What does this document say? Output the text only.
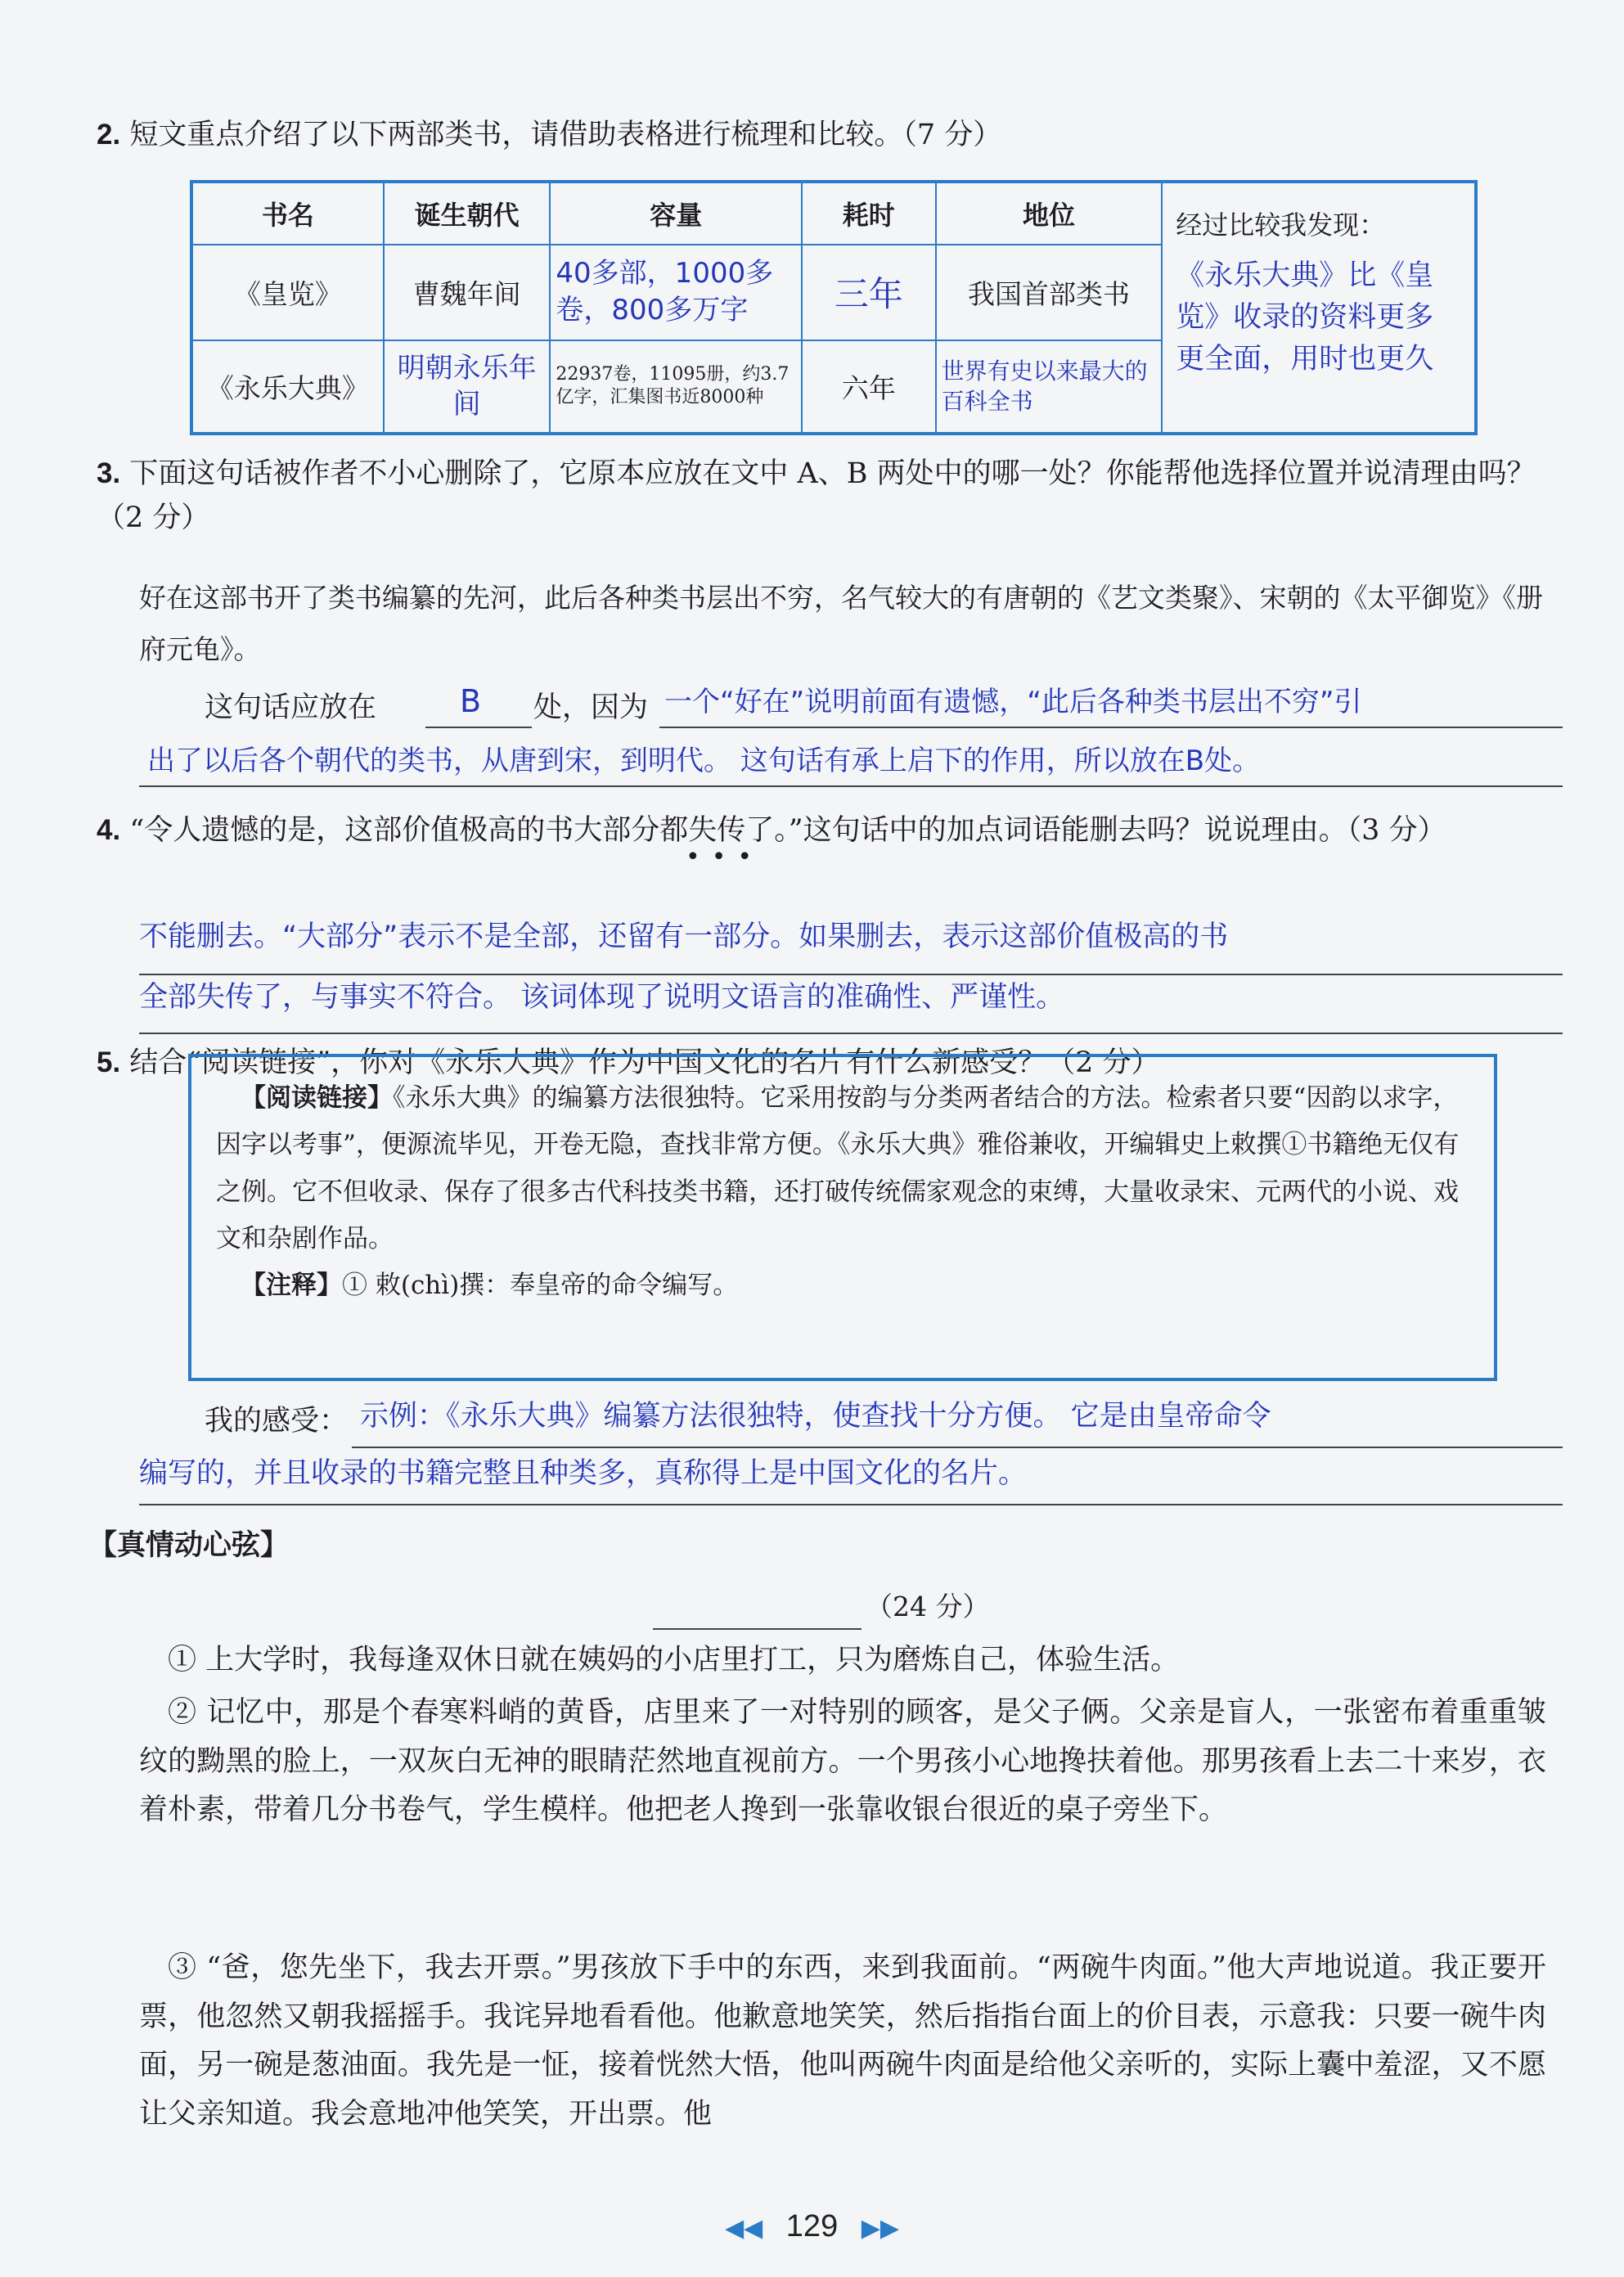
2. 短文重点介绍了以下两部类书，请借助表格进行梳理和比较。（7 分）
书名	诞生朝代	容量	耗时	地位	经过比较我发现：
《永乐大典》比《皇览》收录的资料更多更全面，用时也更久

《皇览》	曹魏年间	40多部，1000多卷，800多万字	三年	我国首部类书	
《永乐大典》	明朝永乐年间	22937卷，11095册，约3.7亿字，汇集图书近8000种	六年	世界有史以来最大的百科全书	
3. 下面这句话被作者不小心删除了，它原本应放在文中 A、B 两处中的哪一处？你能帮他选择位置并说清理由吗？（2 分）
好在这部书开了类书编纂的先河，此后各种类书层出不穷，名气较大的有唐朝的《艺文类聚》、宋朝的《太平御览》《册府元龟》。
这句话应放在	B 处，因为 一个“好在”说明前面有遗憾，“此后各种类书层出不穷”引
出了以后各个朝代的类书，从唐到宋，到明代。 这句话有承上启下的作用，所以放在B处。
4. “令人遗憾的是，这部价值极高的书大部分都失传了。”这句话中的加点词语能删去吗？说说理由。（3 分）
•••
不能删去。“大部分”表示不是全部，还留有一部分。如果删去，表示这部价值极高的书
全部失传了，与事实不符合。 该词体现了说明文语言的准确性、严谨性。
5. 结合“阅读链接”，你对《永乐大典》作为中国文化的名片有什么新感受？（2 分）
【阅读链接】《永乐大典》的编纂方法很独特。它采用按韵与分类两者结合的方法。检索者只要“因韵以求字，因字以考事”，便源流毕见，开卷无隐，查找非常方便。《永乐大典》雅俗兼收，开编辑史上敕撰①书籍绝无仅有之例。它不但收录、保存了很多古代科技类书籍，还打破传统儒家观念的束缚，大量收录宋、元两代的小说、戏文和杂剧作品。
【注释】① 敕(chì)撰：奉皇帝的命令编写。
我的感受： 示例：《永乐大典》编纂方法很独特，使查找十分方便。 它是由皇帝命令
编写的，并且收录的书籍完整且种类多，真称得上是中国文化的名片。
【真情动心弦】
（24 分）
① 上大学时，我每逢双休日就在姨妈的小店里打工，只为磨炼自己，体验生活。
② 记忆中，那是个春寒料峭的黄昏，店里来了一对特别的顾客，是父子俩。父亲是盲人，一张密布着重重皱纹的黝黑的脸上，一双灰白无神的眼睛茫然地直视前方。一个男孩小心地搀扶着他。那男孩看上去二十来岁，衣着朴素，带着几分书卷气，学生模样。他把老人搀到一张靠收银台很近的桌子旁坐下。
③ “爸，您先坐下，我去开票。”男孩放下手中的东西，来到我面前。“两碗牛肉面。”他大声地说道。我正要开票，他忽然又朝我摇摇手。我诧异地看看他。他歉意地笑笑，然后指指台面上的价目表，示意我：只要一碗牛肉面，另一碗是葱油面。我先是一怔，接着恍然大悟，他叫两碗牛肉面是给他父亲听的，实际上囊中羞涩，又不愿让父亲知道。我会意地冲他笑笑，开出票。他
◀◀ 129 ▶▶
